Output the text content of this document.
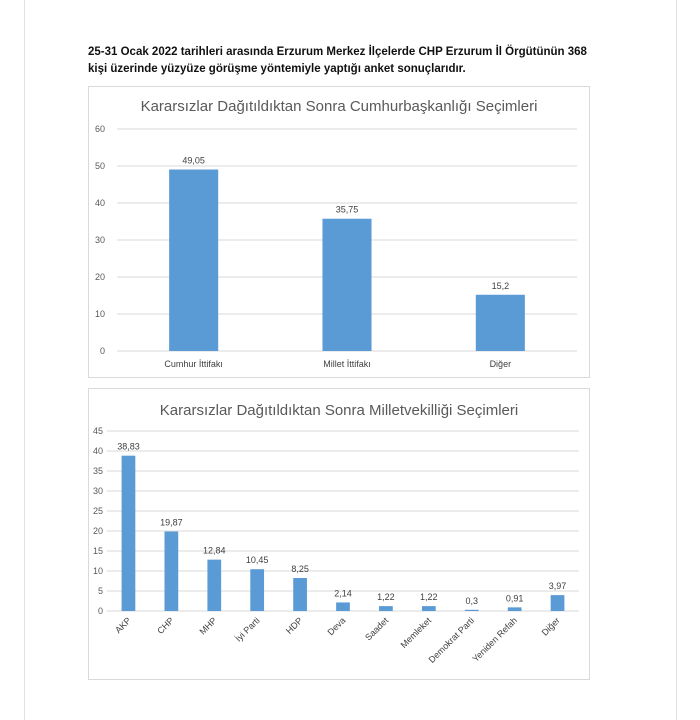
25-31 Ocak 2022 tarihleri arasında Erzurum Merkez İlçelerde CHP Erzurum İl Örgütünün 368 kişi üzerinde yüzyüze görüşme yöntemiyle yaptığı anket sonuçlarıdır.
Kararsızlar Dağıtıldıktan Sonra Cumhurbaşkanlığı Seçimleri
0
10
20
30
40
50
60
49,05
Cumhur İttifakı
35,75
Millet İttifakı
15,2
Diğer
Kararsızlar Dağıtıldıktan Sonra Milletvekilliği Seçimleri
0
5
10
15
20
25
30
35
40
45
38,83
AKP
19,87
CHP
12,84
MHP
10,45
İyi Parti
8,25
HDP
2,14
Deva
1,22
Saadet
1,22
Memleket
0,3
Demokrat Parti
0,91
Yeniden Refah
3,97
Diğer
